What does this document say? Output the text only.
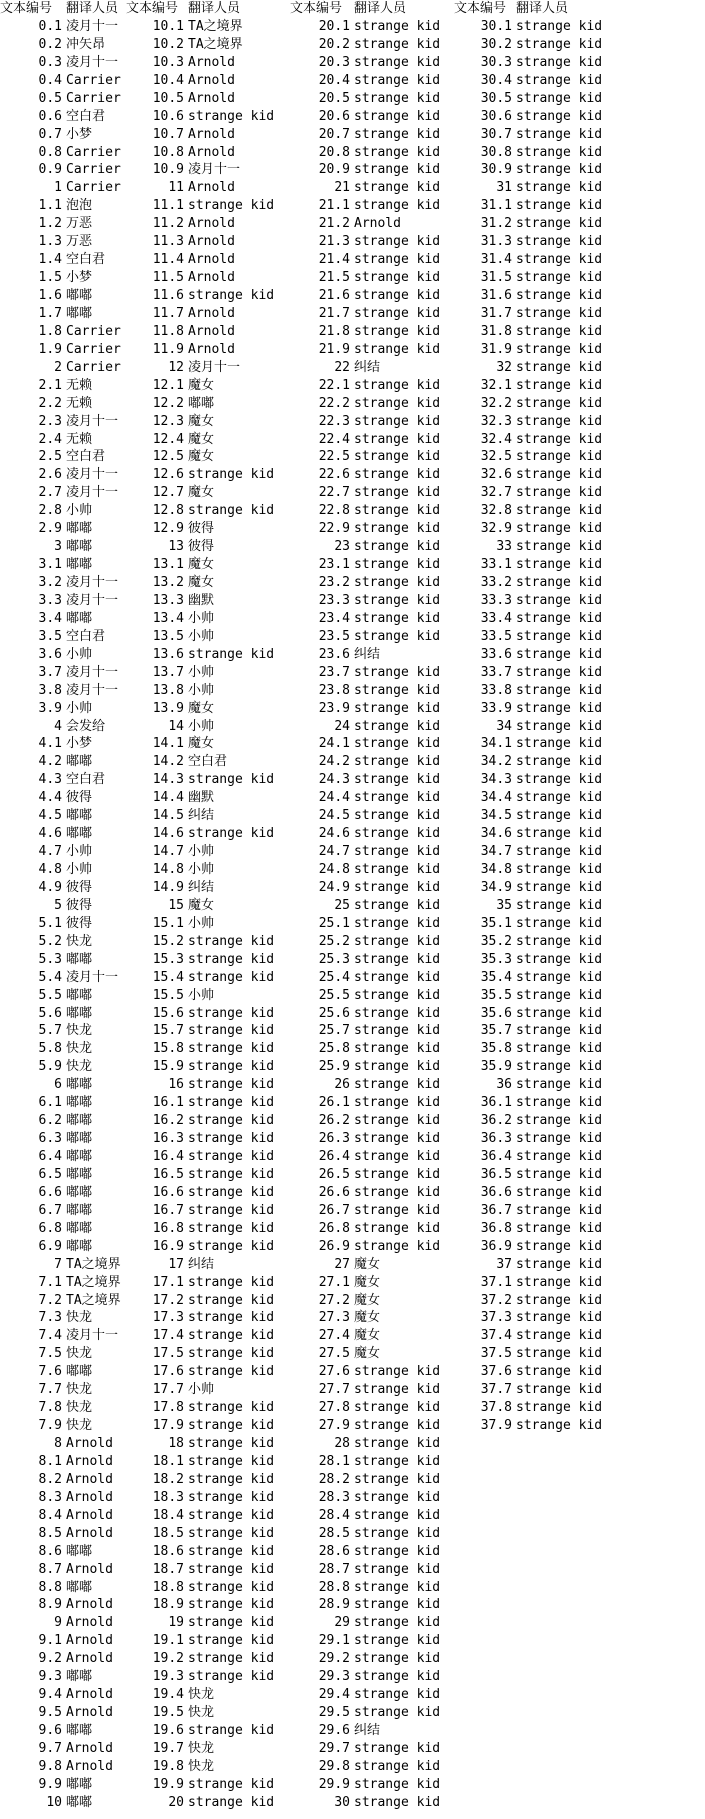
文本编号
0.1
0.2
0.3
0.4
0.5
0.6
0.7
0.8
0.9
1
1.1
1.2
1.3
1.4
1.5
1.6
1.7
1.8
1.9
2
2.1
2.2
2.3
2.4
2.5
2.6
2.7
2.8
2.9
3
3.1
3.2
3.3
3.4
3.5
3.6
3.7
3.8
3.9
4
4.1
4.2
4.3
4.4
4.5
4.6
4.7
4.8
4.9
5
5.1
5.2
5.3
5.4
5.5
5.6
5.7
5.8
5.9
6
6.1
6.2
6.3
6.4
6.5
6.6
6.7
6.8
6.9
7
7.1
7.2
7.3
7.4
7.5
7.6
7.7
7.8
7.9
8
8.1
8.2
8.3
8.4
8.5
8.6
8.7
8.8
8.9
9
9.1
9.2
9.3
9.4
9.5
9.6
9.7
9.8
9.9
10
翻译人员
凌月十一
冲矢昂
凌月十一
Carrier
Carrier
空白君
小梦
Carrier
Carrier
Carrier
泡泡
万恶
万恶
空白君
小梦
嘟嘟
嘟嘟
Carrier
Carrier
Carrier
无赖
无赖
凌月十一
无赖
空白君
凌月十一
凌月十一
小帅
嘟嘟
嘟嘟
嘟嘟
凌月十一
凌月十一
嘟嘟
空白君
小帅
凌月十一
凌月十一
小帅
会发给
小梦
嘟嘟
空白君
彼得
嘟嘟
嘟嘟
小帅
小帅
彼得
彼得
彼得
快龙
嘟嘟
凌月十一
嘟嘟
嘟嘟
快龙
快龙
快龙
嘟嘟
嘟嘟
嘟嘟
嘟嘟
嘟嘟
嘟嘟
嘟嘟
嘟嘟
嘟嘟
嘟嘟
TA之境界
TA之境界
TA之境界
快龙
凌月十一
快龙
嘟嘟
快龙
快龙
快龙
Arnold
Arnold
Arnold
Arnold
Arnold
Arnold
嘟嘟
Arnold
嘟嘟
Arnold
Arnold
Arnold
Arnold
嘟嘟
Arnold
Arnold
嘟嘟
Arnold
Arnold
嘟嘟
嘟嘟
文本编号
10.1
10.2
10.3
10.4
10.5
10.6
10.7
10.8
10.9
11
11.1
11.2
11.3
11.4
11.5
11.6
11.7
11.8
11.9
12
12.1
12.2
12.3
12.4
12.5
12.6
12.7
12.8
12.9
13
13.1
13.2
13.3
13.4
13.5
13.6
13.7
13.8
13.9
14
14.1
14.2
14.3
14.4
14.5
14.6
14.7
14.8
14.9
15
15.1
15.2
15.3
15.4
15.5
15.6
15.7
15.8
15.9
16
16.1
16.2
16.3
16.4
16.5
16.6
16.7
16.8
16.9
17
17.1
17.2
17.3
17.4
17.5
17.6
17.7
17.8
17.9
18
18.1
18.2
18.3
18.4
18.5
18.6
18.7
18.8
18.9
19
19.1
19.2
19.3
19.4
19.5
19.6
19.7
19.8
19.9
20
翻译人员
TA之境界
TA之境界
Arnold
Arnold
Arnold
strange kid
Arnold
Arnold
凌月十一
Arnold
strange kid
Arnold
Arnold
Arnold
Arnold
strange kid
Arnold
Arnold
Arnold
凌月十一
魔女
嘟嘟
魔女
魔女
魔女
strange kid
魔女
strange kid
彼得
彼得
魔女
魔女
幽默
小帅
小帅
strange kid
小帅
小帅
魔女
小帅
魔女
空白君
strange kid
幽默
纠结
strange kid
小帅
小帅
纠结
魔女
小帅
strange kid
strange kid
strange kid
小帅
strange kid
strange kid
strange kid
strange kid
strange kid
strange kid
strange kid
strange kid
strange kid
strange kid
strange kid
strange kid
strange kid
strange kid
纠结
strange kid
strange kid
strange kid
strange kid
strange kid
strange kid
小帅
strange kid
strange kid
strange kid
strange kid
strange kid
strange kid
strange kid
strange kid
strange kid
strange kid
strange kid
strange kid
strange kid
strange kid
strange kid
strange kid
快龙
快龙
strange kid
快龙
快龙
strange kid
strange kid
文本编号
20.1
20.2
20.3
20.4
20.5
20.6
20.7
20.8
20.9
21
21.1
21.2
21.3
21.4
21.5
21.6
21.7
21.8
21.9
22
22.1
22.2
22.3
22.4
22.5
22.6
22.7
22.8
22.9
23
23.1
23.2
23.3
23.4
23.5
23.6
23.7
23.8
23.9
24
24.1
24.2
24.3
24.4
24.5
24.6
24.7
24.8
24.9
25
25.1
25.2
25.3
25.4
25.5
25.6
25.7
25.8
25.9
26
26.1
26.2
26.3
26.4
26.5
26.6
26.7
26.8
26.9
27
27.1
27.2
27.3
27.4
27.5
27.6
27.7
27.8
27.9
28
28.1
28.2
28.3
28.4
28.5
28.6
28.7
28.8
28.9
29
29.1
29.2
29.3
29.4
29.5
29.6
29.7
29.8
29.9
30
翻译人员
strange kid
strange kid
strange kid
strange kid
strange kid
strange kid
strange kid
strange kid
strange kid
strange kid
strange kid
Arnold
strange kid
strange kid
strange kid
strange kid
strange kid
strange kid
strange kid
纠结
strange kid
strange kid
strange kid
strange kid
strange kid
strange kid
strange kid
strange kid
strange kid
strange kid
strange kid
strange kid
strange kid
strange kid
strange kid
纠结
strange kid
strange kid
strange kid
strange kid
strange kid
strange kid
strange kid
strange kid
strange kid
strange kid
strange kid
strange kid
strange kid
strange kid
strange kid
strange kid
strange kid
strange kid
strange kid
strange kid
strange kid
strange kid
strange kid
strange kid
strange kid
strange kid
strange kid
strange kid
strange kid
strange kid
strange kid
strange kid
strange kid
魔女
魔女
魔女
魔女
魔女
魔女
strange kid
strange kid
strange kid
strange kid
strange kid
strange kid
strange kid
strange kid
strange kid
strange kid
strange kid
strange kid
strange kid
strange kid
strange kid
strange kid
strange kid
strange kid
strange kid
strange kid
纠结
strange kid
strange kid
strange kid
strange kid
文本编号
30.1
30.2
30.3
30.4
30.5
30.6
30.7
30.8
30.9
31
31.1
31.2
31.3
31.4
31.5
31.6
31.7
31.8
31.9
32
32.1
32.2
32.3
32.4
32.5
32.6
32.7
32.8
32.9
33
33.1
33.2
33.3
33.4
33.5
33.6
33.7
33.8
33.9
34
34.1
34.2
34.3
34.4
34.5
34.6
34.7
34.8
34.9
35
35.1
35.2
35.3
35.4
35.5
35.6
35.7
35.8
35.9
36
36.1
36.2
36.3
36.4
36.5
36.6
36.7
36.8
36.9
37
37.1
37.2
37.3
37.4
37.5
37.6
37.7
37.8
37.9
翻译人员
strange kid
strange kid
strange kid
strange kid
strange kid
strange kid
strange kid
strange kid
strange kid
strange kid
strange kid
strange kid
strange kid
strange kid
strange kid
strange kid
strange kid
strange kid
strange kid
strange kid
strange kid
strange kid
strange kid
strange kid
strange kid
strange kid
strange kid
strange kid
strange kid
strange kid
strange kid
strange kid
strange kid
strange kid
strange kid
strange kid
strange kid
strange kid
strange kid
strange kid
strange kid
strange kid
strange kid
strange kid
strange kid
strange kid
strange kid
strange kid
strange kid
strange kid
strange kid
strange kid
strange kid
strange kid
strange kid
strange kid
strange kid
strange kid
strange kid
strange kid
strange kid
strange kid
strange kid
strange kid
strange kid
strange kid
strange kid
strange kid
strange kid
strange kid
strange kid
strange kid
strange kid
strange kid
strange kid
strange kid
strange kid
strange kid
strange kid
